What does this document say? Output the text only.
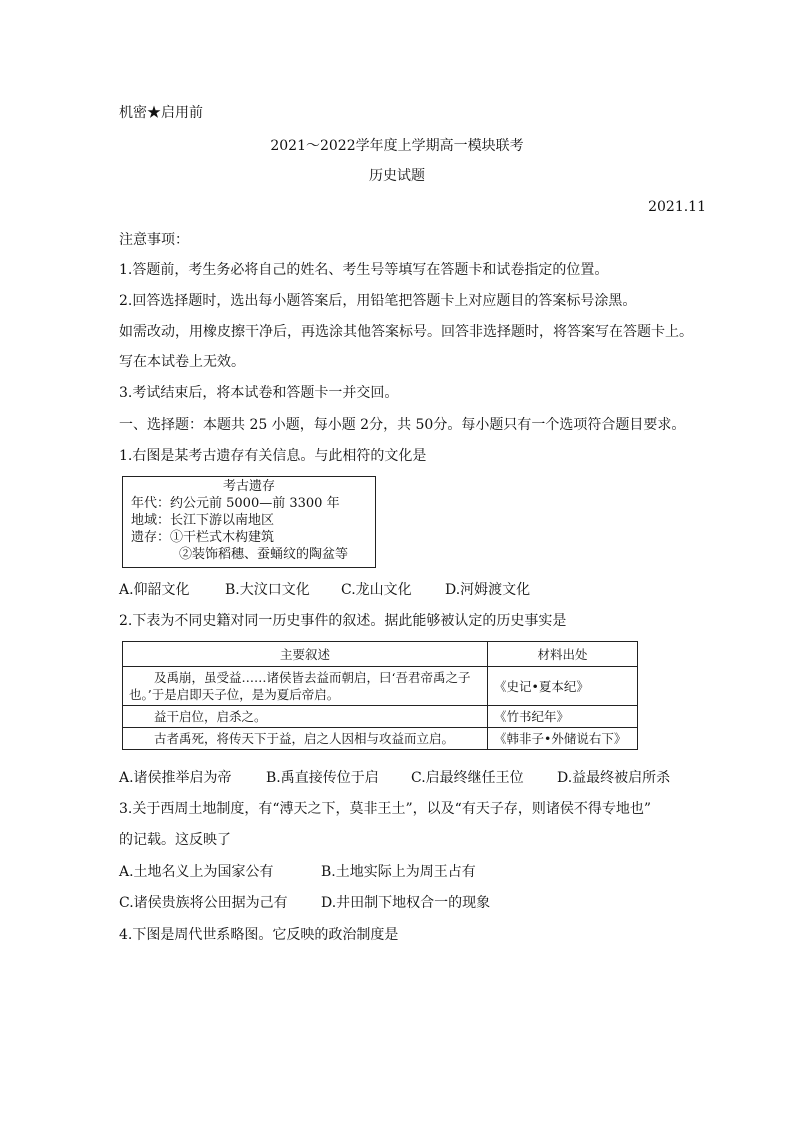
机密★启用前
2021～2022学年度上学期高一模块联考
历史试题
2021.11
注意事项：
1.答题前，考生务必将自己的姓名、考生号等填写在答题卡和试卷指定的位置。
2.回答选择题时，选出每小题答案后，用铅笔把答题卡上对应题目的答案标号涂黑。
如需改动，用橡皮擦干净后，再选涂其他答案标号。回答非选择题时，将答案写在答题卡上。
写在本试卷上无效。
3.考试结束后，将本试卷和答题卡一并交回。
一、选择题：本题共 25 小题，每小题 2分，共 50分。每小题只有一个选项符合题目要求。
1.右图是某考古遗存有关信息。与此相符的文化是
考古遗存
年代：约公元前 5000—前 3300 年
地域：长江下游以南地区
遗存：①干栏式木构建筑
②装饰稻穗、蚕蛹纹的陶盆等
A.仰韶文化	B.大汶口文化 C.龙山文化 D.河姆渡文化
2.下表为不同史籍对同一历史事件的叙述。据此能够被认定的历史事实是
主要叙述	材料出处
及禹崩，虽受益……诸侯皆去益而朝启，曰‘吾君帝禹之子也。’于是启即天子位，是为夏后帝启。	《史记•夏本纪》
益干启位，启杀之。	《竹书纪年》
古者禹死，将传天下于益，启之人因相与攻益而立启。	《韩非子•外储说右下》
A.诸侯推举启为帝 B.禹直接传位于启 C.启最终继任王位 D.益最终被启所杀
3.关于西周土地制度，有“溥天之下，莫非王土”，以及“有天子存，则诸侯不得专地也”
的记载。这反映了
A.土地名义上为国家公有	B.土地实际上为周王占有
C.诸侯贵族将公田据为己有 D.井田制下地权合一的现象
4.下图是周代世系略图。它反映的政治制度是
